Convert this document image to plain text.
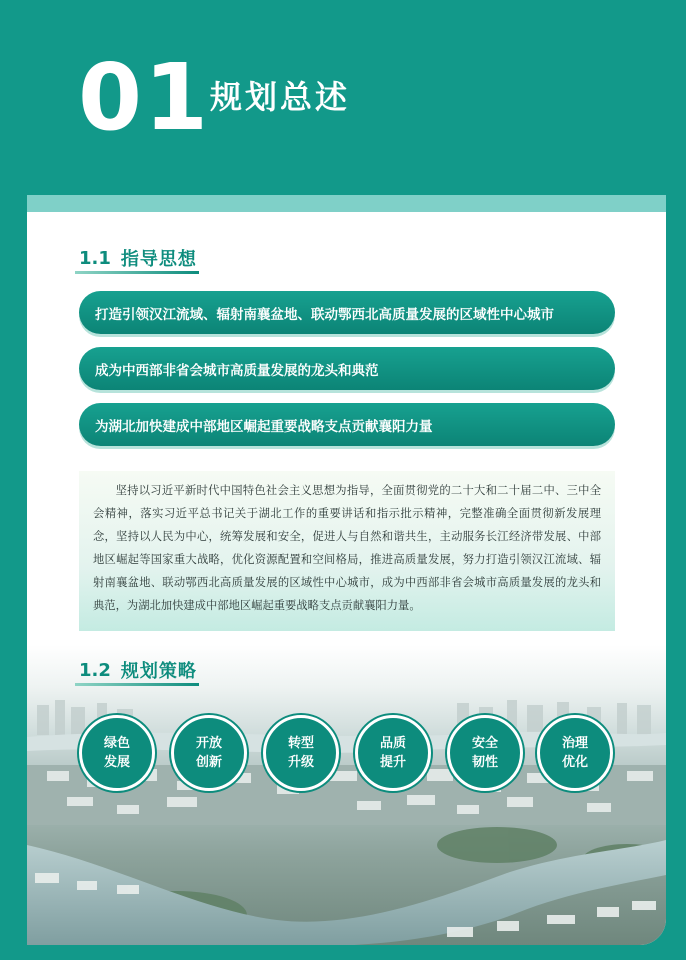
01 规划总述
1.1 指导思想
打造引领汉江流域、辐射南襄盆地、联动鄂西北高质量发展的区域性中心城市
成为中西部非省会城市高质量发展的龙头和典范
为湖北加快建成中部地区崛起重要战略支点贡献襄阳力量

坚持以习近平新时代中国特色社会主义思想为指导，全面贯彻党的二十大和二十届二中、三中全会精神，落实习近平总书记关于湖北工作的重要讲话和指示批示精神，完整准确全面贯彻新发展理念，坚持以人民为中心，统筹发展和安全，促进人与自然和谐共生，主动服务长江经济带发展、中部地区崛起等国家重大战略，优化资源配置和空间格局，推进高质量发展，努力打造引领汉江流域、辐射南襄盆地、联动鄂西北高质量发展的区域性中心城市，成为中西部非省会城市高质量发展的龙头和典范，为湖北加快建成中部地区崛起重要战略支点贡献襄阳力量。

1.2 规划策略
绿色
发展
开放
创新
转型
升级
品质
提升
安全
韧性
治理
优化
